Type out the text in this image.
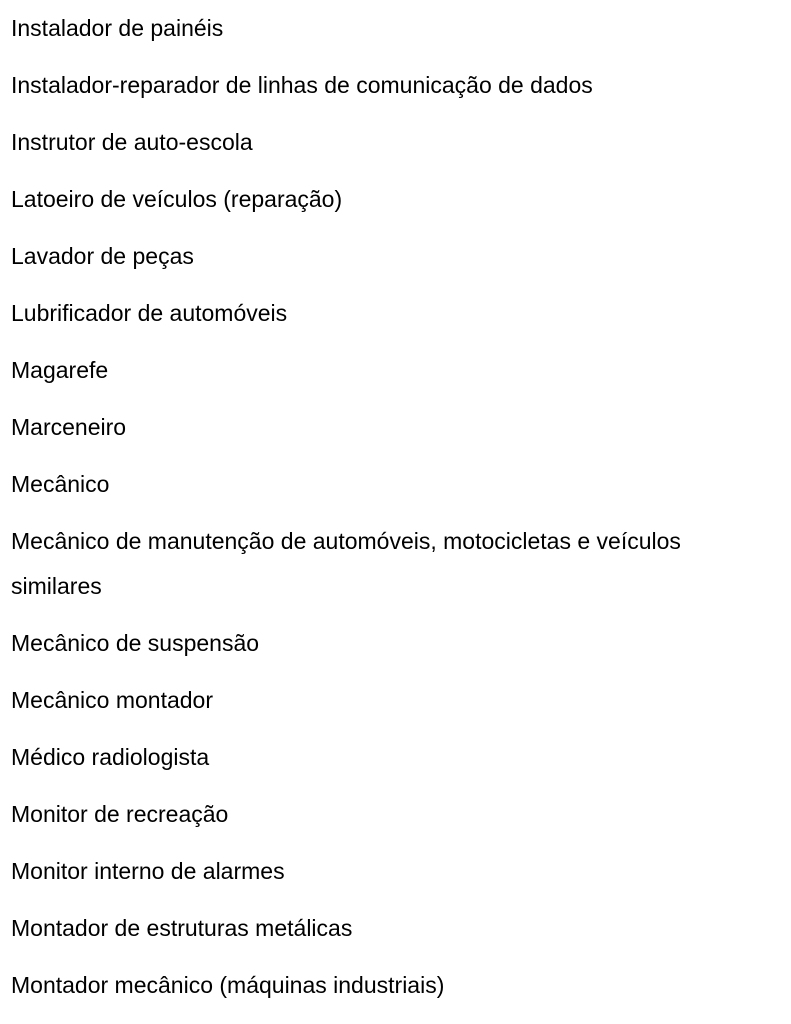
Instalador de painéis
Instalador-reparador de linhas de comunicação de dados
Instrutor de auto-escola
Latoeiro de veículos (reparação)
Lavador de peças
Lubrificador de automóveis
Magarefe
Marceneiro
Mecânico
Mecânico de manutenção de automóveis, motocicletas e veículos similares
Mecânico de suspensão
Mecânico montador
Médico radiologista
Monitor de recreação
Monitor interno de alarmes
Montador de estruturas metálicas
Montador mecânico (máquinas industriais)
